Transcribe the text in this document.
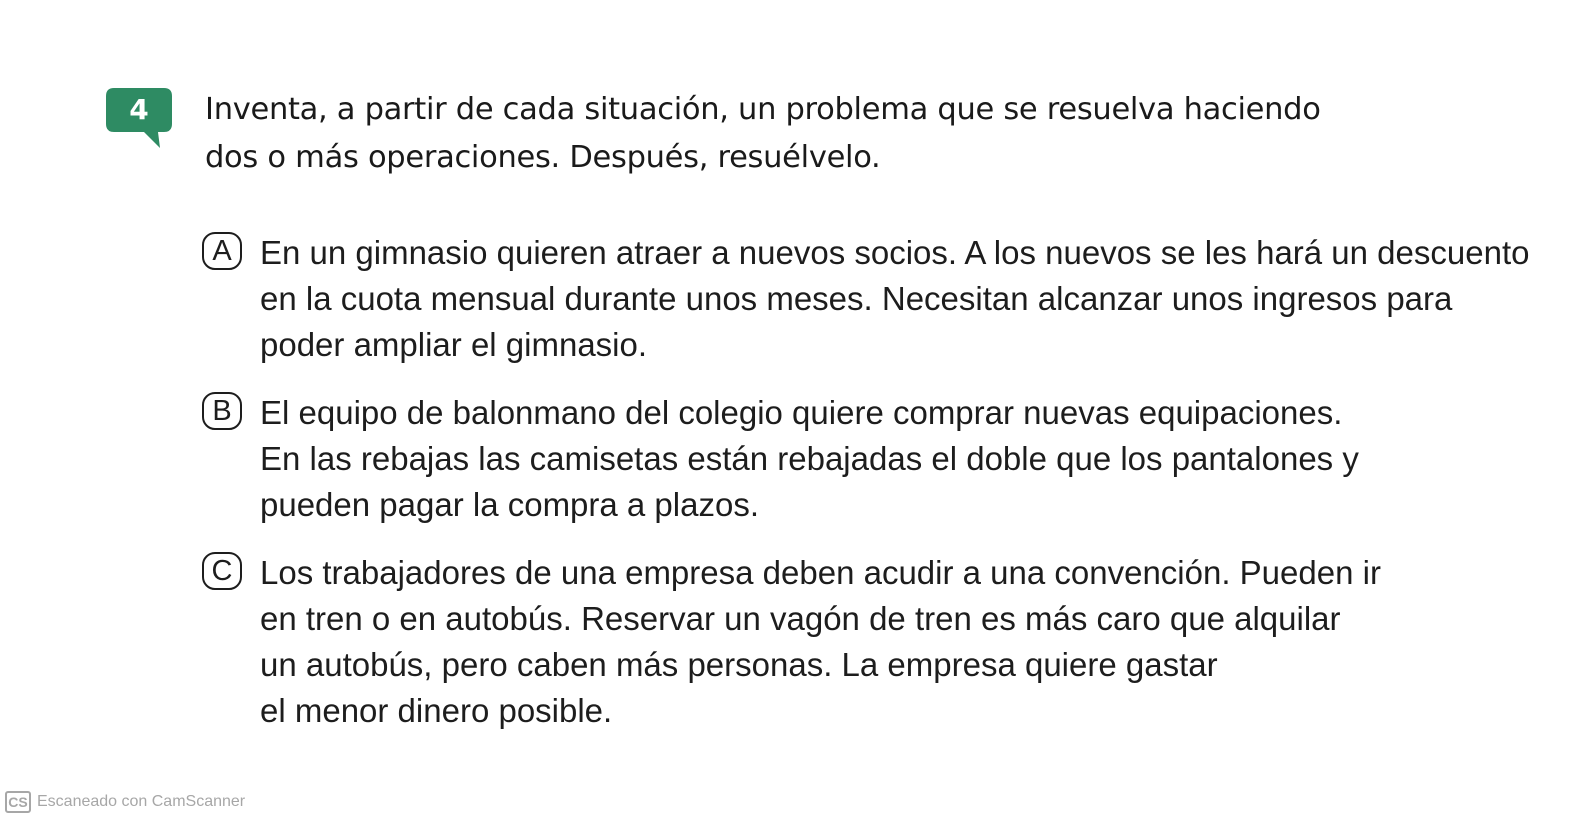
4	Inventa, a partir de cada situación, un problema que se resuelva haciendo
dos o más operaciones. Después, resuélvelo.
A En un gimnasio quieren atraer a nuevos socios. A los nuevos se les hará un descuento
en la cuota mensual durante unos meses. Necesitan alcanzar unos ingresos para
poder ampliar el gimnasio.
B El equipo de balonmano del colegio quiere comprar nuevas equipaciones.
En las rebajas las camisetas están rebajadas el doble que los pantalones y
pueden pagar la compra a plazos.
C Los trabajadores de una empresa deben acudir a una convención. Pueden ir
en tren o en autobús. Reservar un vagón de tren es más caro que alquilar
un autobús, pero caben más personas. La empresa quiere gastar
el menor dinero posible.
CS Escaneado con CamScanner
